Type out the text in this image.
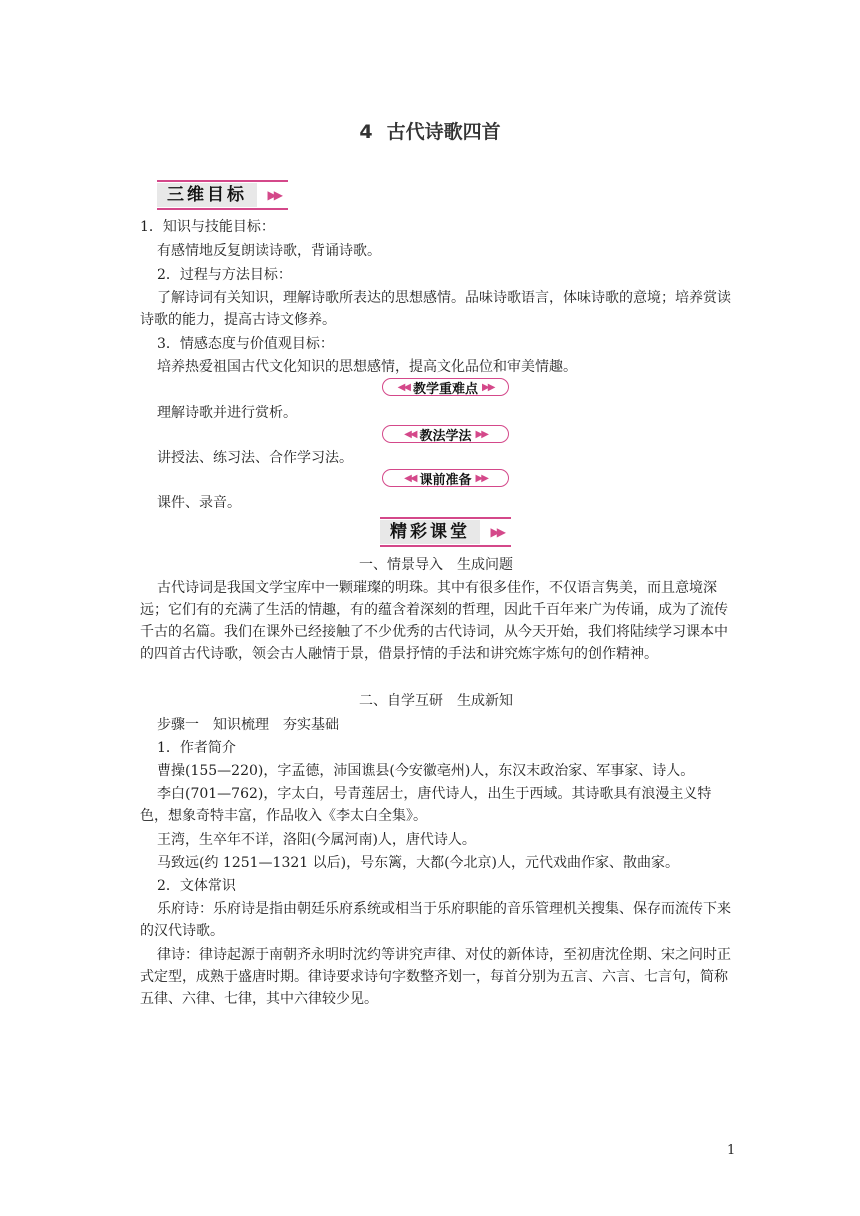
4 古代诗歌四首
三维目标	▶▶
1．知识与技能目标：
有感情地反复朗读诗歌，背诵诗歌。
2．过程与方法目标：
了解诗词有关知识，理解诗歌所表达的思想感情。品味诗歌语言，体味诗歌的意境；培养赏读诗歌的能力，提高古诗文修养。
3．情感态度与价值观目标：
培养热爱祖国古代文化知识的思想感情，提高文化品位和审美情趣。
◀◀ 教学重难点 ▶▶
理解诗歌并进行赏析。
◀◀ 教法学法 ▶▶
讲授法、练习法、合作学习法。
◀◀ 课前准备 ▶▶
课件、录音。
精彩课堂	▶▶
一、情景导入　生成问题
古代诗词是我国文学宝库中一颗璀璨的明珠。其中有很多佳作，不仅语言隽美，而且意境深远；它们有的充满了生活的情趣，有的蕴含着深刻的哲理，因此千百年来广为传诵，成为了流传千古的名篇。我们在课外已经接触了不少优秀的古代诗词，从今天开始，我们将陆续学习课本中的四首古代诗歌，领会古人融情于景，借景抒情的手法和讲究炼字炼句的创作精神。
二、自学互研　生成新知
步骤一　知识梳理　夯实基础
1．作者简介
曹操(155—220)，字孟德，沛国谯县(今安徽亳州)人，东汉末政治家、军事家、诗人。
李白(701—762)，字太白，号青莲居士，唐代诗人，出生于西域。其诗歌具有浪漫主义特色，想象奇特丰富，作品收入《李太白全集》。
王湾，生卒年不详，洛阳(今属河南)人，唐代诗人。
马致远(约 1251—1321 以后)，号东篱，大都(今北京)人，元代戏曲作家、散曲家。
2．文体常识
乐府诗：乐府诗是指由朝廷乐府系统或相当于乐府职能的音乐管理机关搜集、保存而流传下来的汉代诗歌。
律诗：律诗起源于南朝齐永明时沈约等讲究声律、对仗的新体诗，至初唐沈佺期、宋之问时正式定型，成熟于盛唐时期。律诗要求诗句字数整齐划一，每首分别为五言、六言、七言句，简称五律、六律、七律，其中六律较少见。
1
